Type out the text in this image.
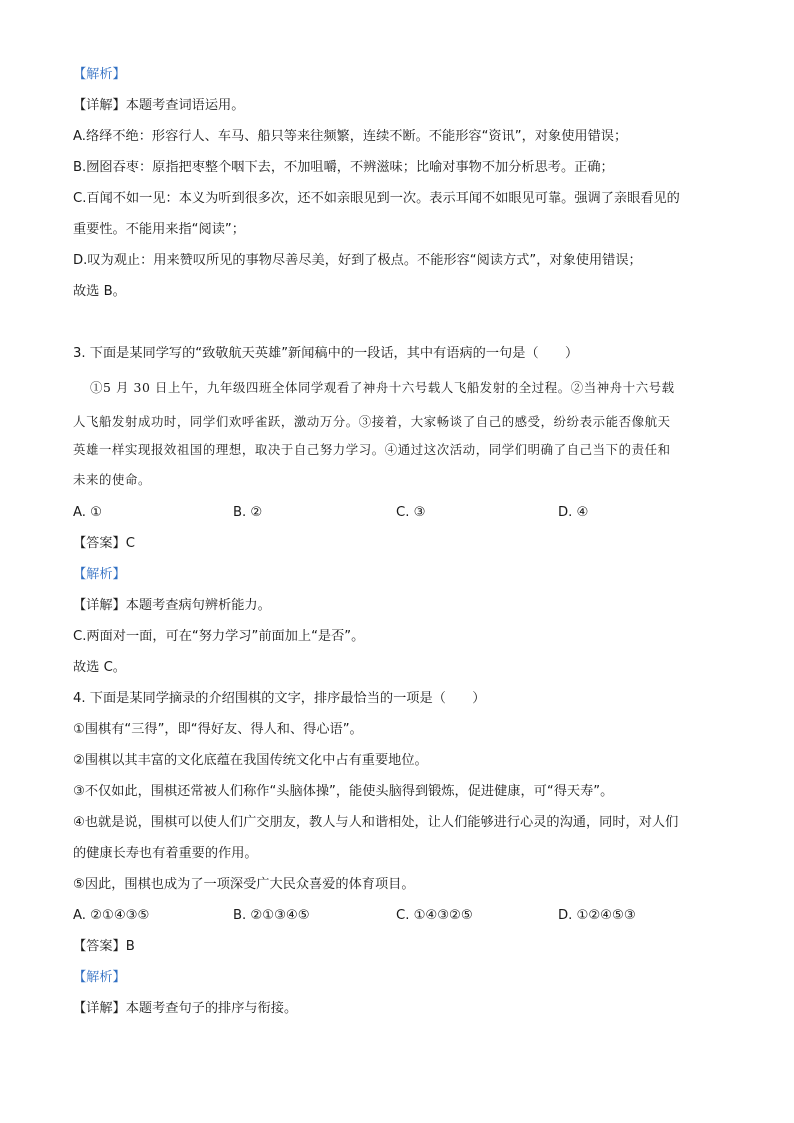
【解析】
【详解】本题考查词语运用。
A.络绎不绝：形容行人、车马、船只等来往频繁，连续不断。不能形容“资讯”，对象使用错误；
B.囫囵吞枣：原指把枣整个咽下去，不加咀嚼，不辨滋味；比喻对事物不加分析思考。正确；
C.百闻不如一见：本义为听到很多次，还不如亲眼见到一次。表示耳闻不如眼见可靠。强调了亲眼看见的
重要性。不能用来指“阅读”；
D.叹为观止：用来赞叹所见的事物尽善尽美，好到了极点。不能形容“阅读方式”，对象使用错误；
故选 B。
3. 下面是某同学写的“致敬航天英雄”新闻稿中的一段话，其中有语病的一句是（　　）
①5 月 30 日上午，九年级四班全体同学观看了神舟十六号载人飞船发射的全过程。②当神舟十六号载
人飞船发射成功时，同学们欢呼雀跃，激动万分。③接着，大家畅谈了自己的感受，纷纷表示能否像航天
英雄一样实现报效祖国的理想，取决于自己努力学习。④通过这次活动，同学们明确了自己当下的责任和
未来的使命。
A. ①	B. ②	C. ③	D. ④
【答案】C
【解析】
【详解】本题考查病句辨析能力。
C.两面对一面，可在“努力学习”前面加上“是否”。
故选 C。
4. 下面是某同学摘录的介绍围棋的文字，排序最恰当的一项是（　　）
①围棋有“三得”，即“得好友、得人和、得心语”。
②围棋以其丰富的文化底蕴在我国传统文化中占有重要地位。
③不仅如此，围棋还常被人们称作“头脑体操”，能使头脑得到锻炼，促进健康，可“得天寿”。
④也就是说，围棋可以使人们广交朋友，教人与人和谐相处，让人们能够进行心灵的沟通，同时，对人们
的健康长寿也有着重要的作用。
⑤因此，围棋也成为了一项深受广大民众喜爱的体育项目。
A. ②①④③⑤	B. ②①③④⑤	C. ①④③②⑤	D. ①②④⑤③
【答案】B
【解析】
【详解】本题考查句子的排序与衔接。
